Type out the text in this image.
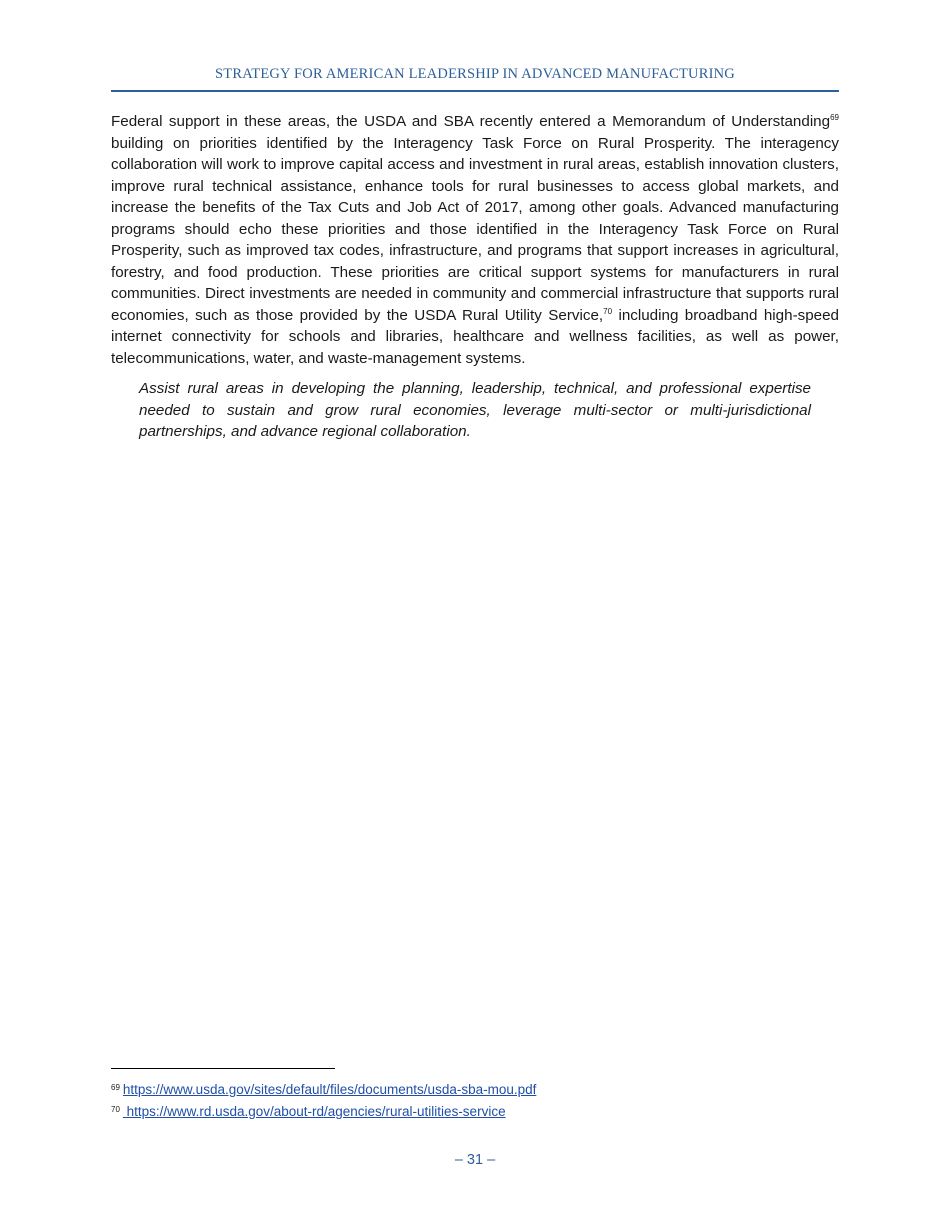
STRATEGY FOR AMERICAN LEADERSHIP IN ADVANCED MANUFACTURING

Federal support in these areas, the USDA and SBA recently entered a Memorandum of Understanding$^{69}$ building on priorities identified by the Interagency Task Force on Rural Prosperity. The interagency collaboration will work to improve capital access and investment in rural areas, establish innovation clusters, improve rural technical assistance, enhance tools for rural businesses to access global markets, and increase the benefits of the Tax Cuts and Job Act of 2017, among other goals. Advanced manufacturing programs should echo these priorities and those identified in the Interagency Task Force on Rural Prosperity, such as improved tax codes, infrastructure, and programs that support increases in agricultural, forestry, and food production. These priorities are critical support systems for manufacturers in rural communities. Direct investments are needed in community and commercial infrastructure that supports rural economies, such as those provided by the USDA Rural Utility Service,$^{70}$ including broadband high-speed internet connectivity for schools and libraries, healthcare and wellness facilities, as well as power, telecommunications, water, and waste-management systems.

Assist rural areas in developing the planning, leadership, technical, and professional expertise needed to sustain and grow rural economies, leverage multi-sector or multi-jurisdictional partnerships, and advance regional collaboration.

$^{69}$ https://www.usda.gov/sites/default/files/documents/usda-sba-mou.pdf
$^{70}$ https://www.rd.usda.gov/about-rd/agencies/rural-utilities-service
– 31 –
